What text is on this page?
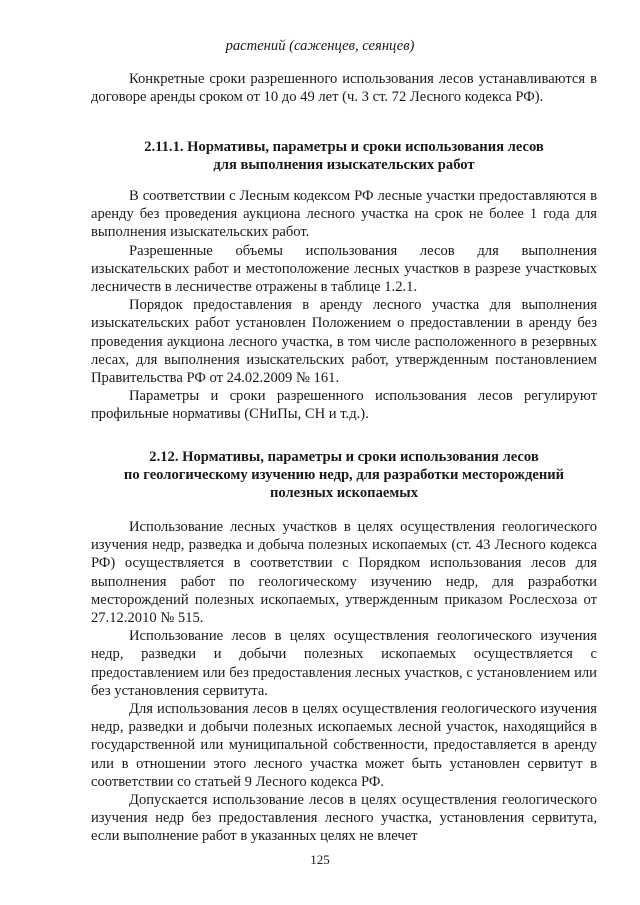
растений (саженцев, сеянцев)

Конкретные сроки разрешенного использования лесов устанавливаются в договоре аренды сроком от 10 до 49 лет (ч. 3 ст. 72 Лесного кодекса РФ).

2.11.1. Нормативы, параметры и сроки использования лесов
для выполнения изыскательских работ

В соответствии с Лесным кодексом РФ лесные участки предоставляются в аренду без проведения аукциона лесного участка на срок не более 1 года для выполнения изыскательских работ.

Разрешенные объемы использования лесов для выполнения изыскательских работ и местоположение лесных участков в разрезе участковых лесничеств в лесничестве отражены в таблице 1.2.1.

Порядок предоставления в аренду лесного участка для выполнения изыскательских работ установлен Положением о предоставлении в аренду без проведения аукциона лесного участка, в том числе расположенного в резервных лесах, для выполнения изыскательских работ, утвержденным постановлением Правительства РФ от 24.02.2009 № 161.

Параметры и сроки разрешенного использования лесов регулируют профильные нормативы (СНиПы, СН и т.д.).

2.12. Нормативы, параметры и сроки использования лесов
по геологическому изучению недр, для разработки месторождений
полезных ископаемых

Использование лесных участков в целях осуществления геологического изучения недр, разведка и добыча полезных ископаемых (ст. 43 Лесного кодекса РФ) осуществляется в соответствии с Порядком использования лесов для выполнения работ по геологическому изучению недр, для разработки месторождений полезных ископаемых, утвержденным приказом Рослесхоза от 27.12.2010 № 515.

Использование лесов в целях осуществления геологического изучения недр, разведки и добычи полезных ископаемых осуществляется с предоставлением или без предоставления лесных участков, с установлением или без установления сервитута.

Для использования лесов в целях осуществления геологического изучения недр, разведки и добычи полезных ископаемых лесной участок, находящийся в государственной или муниципальной собственности, предоставляется в аренду или в отношении этого лесного участка может быть установлен сервитут в соответствии со статьей 9 Лесного кодекса РФ.

Допускается использование лесов в целях осуществления геологического изучения недр без предоставления лесного участка, установления сервитута, если выполнение работ в указанных целях не влечет

125
